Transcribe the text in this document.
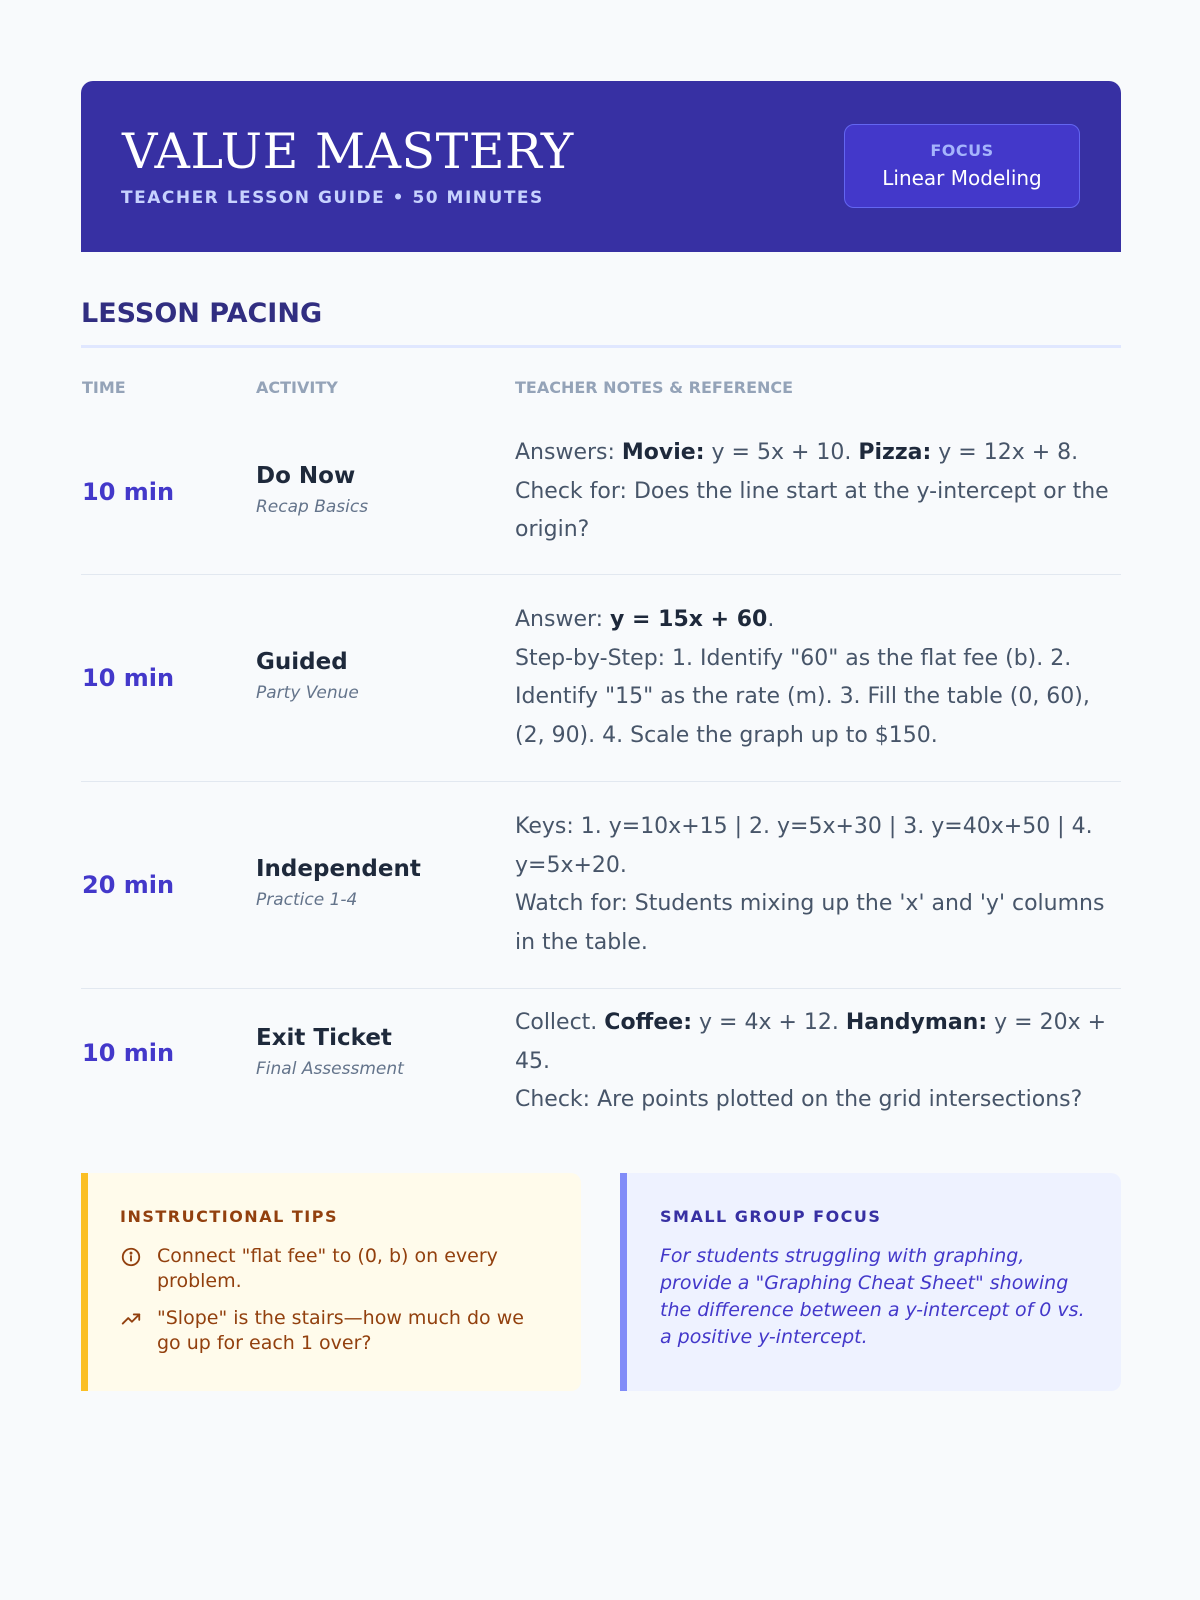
VALUE MASTERY
TEACHER LESSON GUIDE • 50 MINUTES
FOCUS
Linear Modeling
LESSON PACING
TIME	ACTIVITY	TEACHER NOTES & REFERENCE
10 min
Do Now
Recap Basics
Answers: Movie: y = 5x + 10. Pizza: y = 12x + 8.
Check for: Does the line start at the y-intercept or the origin?
10 min
Guided
Party Venue
Answer: y = 15x + 60.
Step-by-Step: 1. Identify "60" as the flat fee (b). 2. Identify "15" as the rate (m). 3. Fill the table (0, 60), (2, 90). 4. Scale the graph up to $150.
20 min
Independent
Practice 1-4
Keys: 1. y=10x+15 | 2. y=5x+30 | 3. y=40x+50 | 4. y=5x+20.
Watch for: Students mixing up the 'x' and 'y' columns in the table.
10 min
Exit Ticket
Final Assessment
Collect. Coffee: y = 4x + 12. Handyman: y = 20x + 45.
Check: Are points plotted on the grid intersections?
INSTRUCTIONAL TIPS
Connect "flat fee" to (0, b) on every problem.
"Slope" is the stairs—how much do we go up for each 1 over?
SMALL GROUP FOCUS
For students struggling with graphing, provide a "Graphing Cheat Sheet" showing the difference between a y-intercept of 0 vs. a positive y-intercept.
